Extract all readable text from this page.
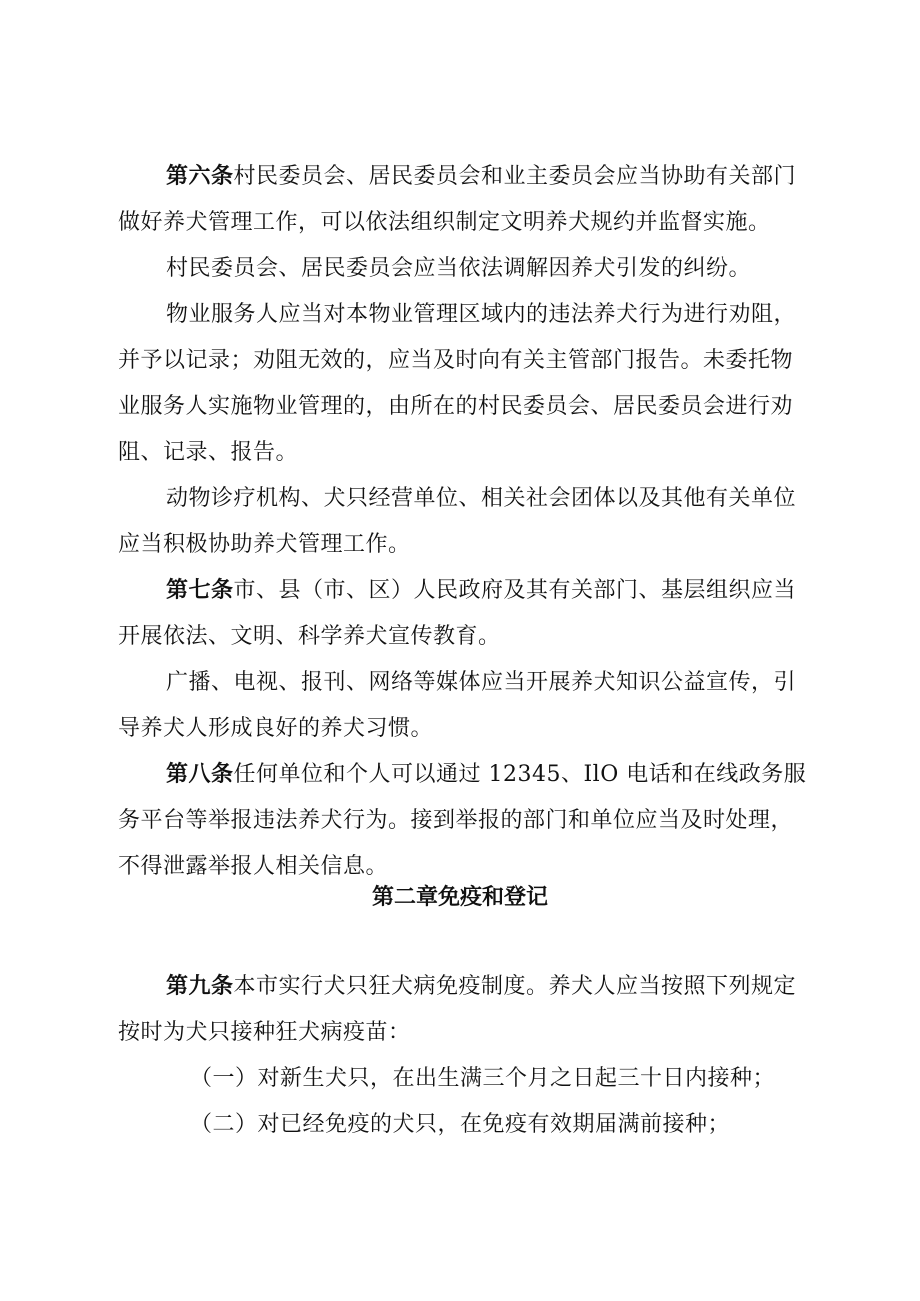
第六条村民委员会、居民委员会和业主委员会应当协助有关部门
做好养犬管理工作，可以依法组织制定文明养犬规约并监督实施。
村民委员会、居民委员会应当依法调解因养犬引发的纠纷。
物业服务人应当对本物业管理区域内的违法养犬行为进行劝阻，
并予以记录；劝阻无效的，应当及时向有关主管部门报告。未委托物
业服务人实施物业管理的，由所在的村民委员会、居民委员会进行劝
阻、记录、报告。
动物诊疗机构、犬只经营单位、相关社会团体以及其他有关单位
应当积极协助养犬管理工作。
第七条市、县（市、区）人民政府及其有关部门、基层组织应当
开展依法、文明、科学养犬宣传教育。
广播、电视、报刊、网络等媒体应当开展养犬知识公益宣传，引
导养犬人形成良好的养犬习惯。
第八条任何单位和个人可以通过 12345、IlO 电话和在线政务服
务平台等举报违法养犬行为。接到举报的部门和单位应当及时处理，
不得泄露举报人相关信息。
第二章免疫和登记
第九条本市实行犬只狂犬病免疫制度。养犬人应当按照下列规定
按时为犬只接种狂犬病疫苗：
（一）对新生犬只，在出生满三个月之日起三十日内接种；
（二）对已经免疫的犬只，在免疫有效期届满前接种；
